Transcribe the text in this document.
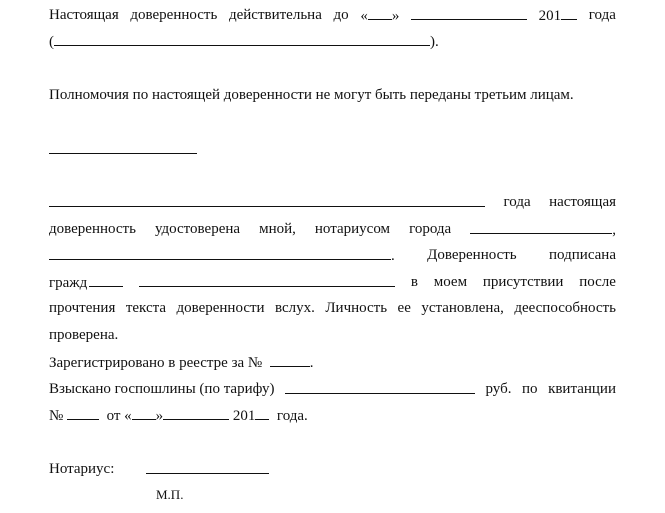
Настоящая доверенность действительна до « »	201	года
(	).
Полномочия по настоящей доверенности не могут быть переданы третьим лицам.
года настоящая
доверенность удостоверена мной, нотариусом города	,
. Доверенность подписана
гражд	в моем присутствии после
прочтения текста доверенности вслух. Личность ее установлена, дееспособность
проверена.
Зарегистрировано в реестре за №	.
Взыскано госпошлины (по тарифу)	руб. по квитанции
№	от « »	201 года.
Нотариус:
М.П.
